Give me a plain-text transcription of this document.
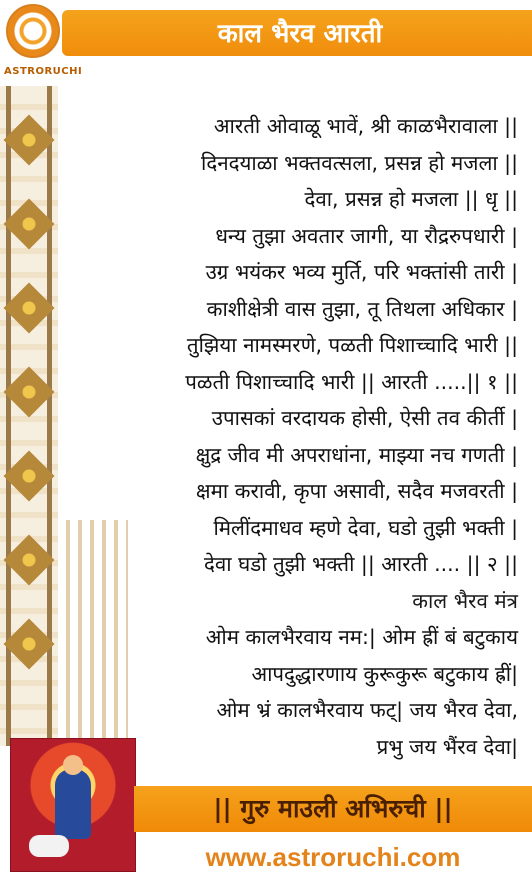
काल भैरव आरती
ASTRORUCHI
आरती ओवाळू भावें, श्री काळभैरावाला ||
दिनदयाळा भक्तवत्सला, प्रसन्न हो मजला ||
देवा, प्रसन्न हो मजला || धृ ||
धन्य तुझा अवतार जागी, या रौद्ररुपधारी |
उग्र भयंकर भव्य मुर्ति, परि भक्तांसी तारी |
काशीक्षेत्री वास तुझा, तू तिथला अधिकार |
तुझिया नामस्मरणे, पळती पिशाच्चादि भारी ||
पळती पिशाच्चादि भारी || आरती .....|| १ ||
उपासकां वरदायक होसी, ऐसी तव कीर्ती |
क्षुद्र जीव मी अपराधांना, माझ्या नच गणती |
क्षमा करावी, कृपा असावी, सदैव मजवरती |
मिलींदमाधव म्हणे देवा, घडो तुझी भक्ती |
देवा घडो तुझी भक्ती || आरती .... || २ ||
काल भैरव मंत्र
ओम कालभैरवाय नम:| ओम ह्रीं बं बटुकाय
आपदुद्धारणाय कुरूकुरू बटुकाय ह्रीं|
ओम भ्रं कालभैरवाय फट्| जय भैरव देवा,
प्रभु जय भैंरव देवा|
|| गुरु माउली अभिरुची ||
www.astroruchi.com
